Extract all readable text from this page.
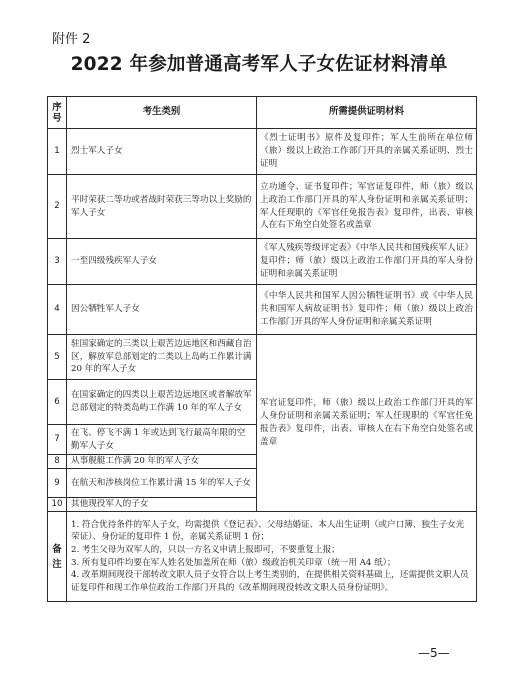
附件 2
2022 年参加普通高考军人子女佐证材料清单
序号	考生类别	所需提供证明材料
1	烈士军人子女	《烈士证明书》原件及复印件；军人生前所在单位师（旅）级以上政治工作部门开具的亲属关系证明、烈士证明
2	平时荣获二等功或者战时荣获三等功以上奖励的军人子女	立功通令、证书复印件；军官证复印件，师（旅）级以上政治工作部门开具的军人身份证明和亲属关系证明；军人任现职的《军官任免报告表》复印件，出表、审核人在右下角空白处签名或盖章
3	一至四级残疾军人子女	《军人残疾等级评定表》《中华人民共和国残疾军人证》复印件；师（旅）级以上政治工作部门开具的军人身份证明和亲属关系证明
4	因公牺牲军人子女	《中华人民共和国军人因公牺牲证明书》或《中华人民共和国军人病故证明书》复印件；师（旅）级以上政治工作部门开具的军人身份证明和亲属关系证明
5	驻国家确定的三类以上艰苦边远地区和西藏自治区，解放军总部划定的二类以上岛屿工作累计满 20 年的军人子女	军官证复印件，师（旅）级以上政治工作部门开具的军人身份证明和亲属关系证明；军人任现职的《军官任免报告表》复印件，出表、审核人在右下角空白处签名或盖章
6	在国家确定的四类以上艰苦边远地区或者解放军总部划定的特类岛屿工作满 10 年的军人子女	
7	在飞、停飞不满 1 年或达到飞行最高年限的空勤军人子女	
8	从事舰艇工作满 20 年的军人子女	
9	在航天和涉核岗位工作累计满 15 年的军人子女	
10	其他现役军人的子女	

备
注	1. 符合优待条件的军人子女，均需提供《登记表》、父母结婚证、本人出生证明（或户口簿、独生子女光荣证）、身份证的复印件 1 份，亲属关系证明 1 份；
2. 考生父母为双军人的，只以一方名义申请上报即可，不要重复上报；
3. 所有复印件均要在军人姓名处加盖所在师（旅）级政治机关印章（统一用 A4 纸）；
4. 改革期间现役干部转改文职人员子女符合以上考生类别的，在提供相关资料基础上，还需提供文职人员证复印件和现工作单位政治工作部门开具的《改革期间现役转改文职人员身份证明》。	
—5—
